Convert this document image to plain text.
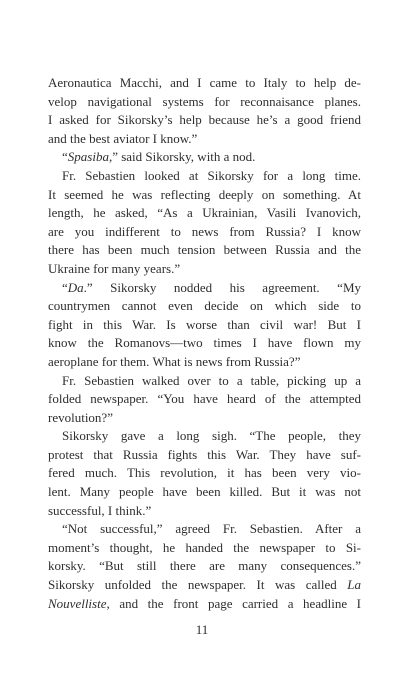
Aeronautica Macchi, and I came to Italy to help de-
velop navigational systems for reconnaisance planes.
I asked for Sikorsky’s help because he’s a good friend
and the best aviator I know.”
“Spasiba,” said Sikorsky, with a nod.
Fr. Sebastien looked at Sikorsky for a long time.
It seemed he was reflecting deeply on something. At
length, he asked, “As a Ukrainian, Vasili Ivanovich,
are you indifferent to news from Russia? I know
there has been much tension between Russia and the
Ukraine for many years.”
“Da.” Sikorsky nodded his agreement. “My
countrymen cannot even decide on which side to
fight in this War. Is worse than civil war! But I
know the Romanovs—two times I have flown my
aeroplane for them. What is news from Russia?”
Fr. Sebastien walked over to a table, picking up a
folded newspaper. “You have heard of the attempted
revolution?”
Sikorsky gave a long sigh. “The people, they
protest that Russia fights this War. They have suf-
fered much. This revolution, it has been very vio-
lent. Many people have been killed. But it was not
successful, I think.”
“Not successful,” agreed Fr. Sebastien. After a
moment’s thought, he handed the newspaper to Si-
korsky. “But still there are many consequences.”
Sikorsky unfolded the newspaper. It was called La
Nouvelliste, and the front page carried a headline I
11
